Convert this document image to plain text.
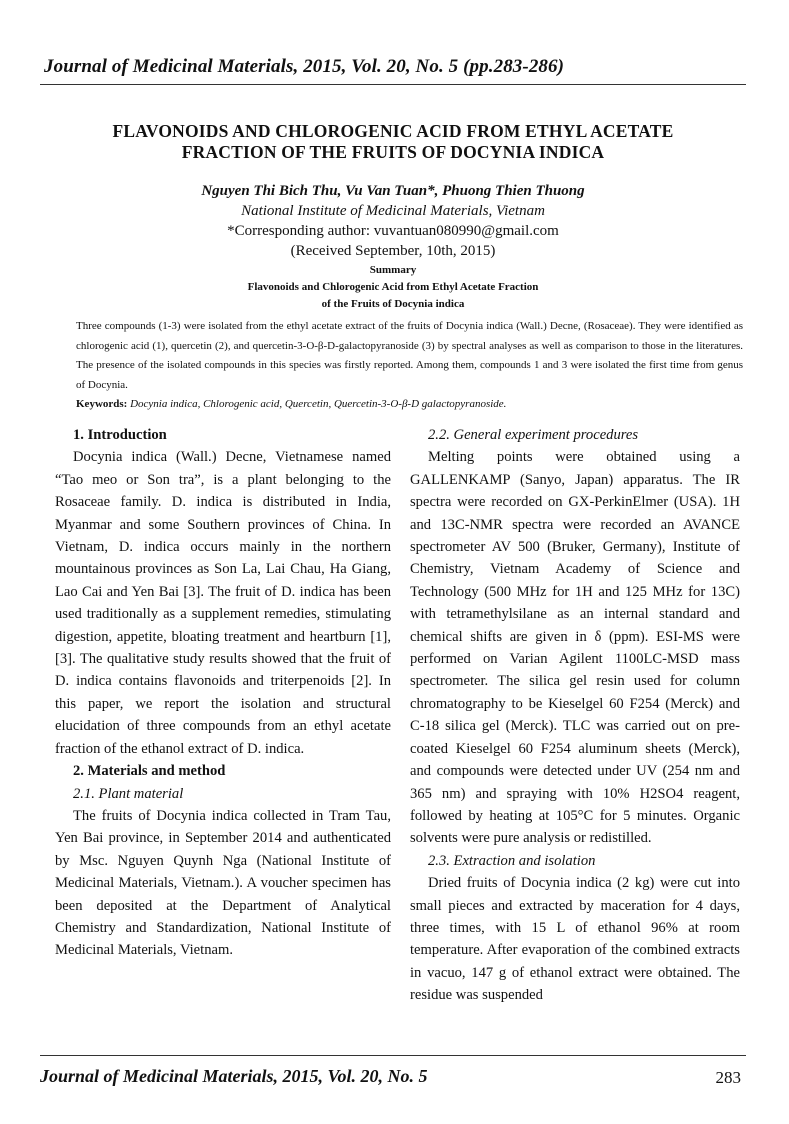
Journal of Medicinal Materials, 2015, Vol. 20, No. 5 (pp.283-286)
FLAVONOIDS AND CHLOROGENIC ACID FROM ETHYL ACETATE
FRACTION OF THE FRUITS OF DOCYNIA INDICA
Nguyen Thi Bich Thu, Vu Van Tuan*, Phuong Thien Thuong
National Institute of Medicinal Materials, Vietnam
*Corresponding author: vuvantuan080990@gmail.com
(Received September, 10th, 2015)
Summary
Flavonoids and Chlorogenic Acid from Ethyl Acetate Fraction
of the Fruits of Docynia indica

Three compounds (1-3) were isolated from the ethyl acetate extract of the fruits of Docynia indica (Wall.) Decne, (Rosaceae). They were identified as chlorogenic acid (1), quercetin (2), and quercetin-3-O-β-D-galactopyranoside (3) by spectral analyses as well as comparison to those in the literatures. The presence of the isolated compounds in this species was firstly reported. Among them, compounds 1 and 3 were isolated the first time from genus of Docynia.

Keywords: Docynia indica, Chlorogenic acid, Quercetin, Quercetin-3-O-β-D galactopyranoside.

1. Introduction

Docynia indica (Wall.) Decne, Vietnamese named “Tao meo or Son tra”, is a plant belonging to the Rosaceae family. D. indica is distributed in India, Myanmar and some Southern provinces of China. In Vietnam, D. indica occurs mainly in the northern mountainous provinces as Son La, Lai Chau, Ha Giang, Lao Cai and Yen Bai [3]. The fruit of D. indica has been used traditionally as a supplement remedies, stimulating digestion, appetite, bloating treatment and heartburn [1], [3]. The qualitative study results showed that the fruit of D. indica contains flavonoids and triterpenoids [2]. In this paper, we report the isolation and structural elucidation of three compounds from an ethyl acetate fraction of the ethanol extract of D. indica.

2. Materials and method
2.1. Plant material

The fruits of Docynia indica collected in Tram Tau, Yen Bai province, in September 2014 and authenticated by Msc. Nguyen Quynh Nga (National Institute of Medicinal Materials, Vietnam.). A voucher specimen has been deposited at the Department of Analytical Chemistry and Standardization, National Institute of Medicinal Materials, Vietnam.

2.2. General experiment procedures

Melting points were obtained using a GALLENKAMP (Sanyo, Japan) apparatus. The IR spectra were recorded on GX-PerkinElmer (USA). 1H and 13C-NMR spectra were recorded an AVANCE spectrometer AV 500 (Bruker, Germany), Institute of Chemistry, Vietnam Academy of Science and Technology (500 MHz for 1H and 125 MHz for 13C) with tetramethylsilane as an internal standard and chemical shifts are given in δ (ppm). ESI-MS were performed on Varian Agilent 1100LC-MSD mass spectrometer. The silica gel resin used for column chromatography to be Kieselgel 60 F254 (Merck) and C-18 silica gel (Merck). TLC was carried out on pre-coated Kieselgel 60 F254 aluminum sheets (Merck), and compounds were detected under UV (254 nm and 365 nm) and spraying with 10% H2SO4 reagent, followed by heating at 105°C for 5 minutes. Organic solvents were pure analysis or redistilled.

2.3. Extraction and isolation

Dried fruits of Docynia indica (2 kg) were cut into small pieces and extracted by maceration for 4 days, three times, with 15 L of ethanol 96% at room temperature. After evaporation of the combined extracts in vacuo, 147 g of ethanol extract were obtained. The residue was suspended

Journal of Medicinal Materials, 2015, Vol. 20, No. 5	283
